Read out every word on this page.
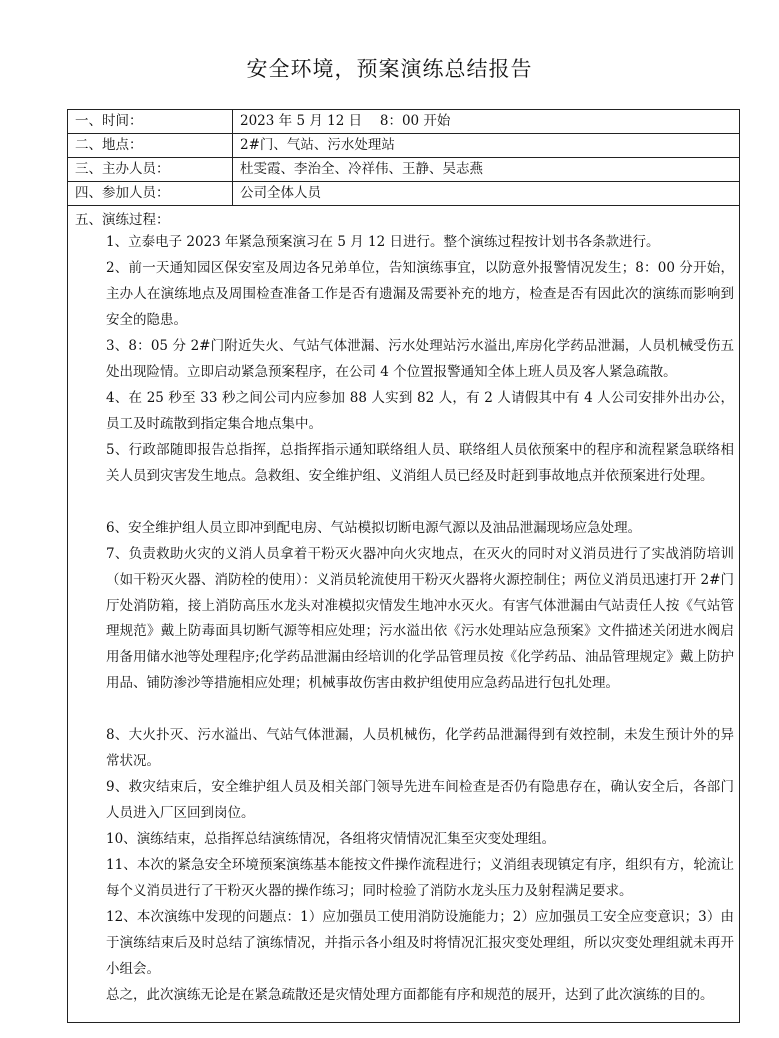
安全环境，预案演练总结报告
一、时间：	2023 年 5 月 12 日　 8：00 开始
二、地点：	2#门、气站、污水处理站
三、主办人员：	杜雯霞、李治全、冷祥伟、王静、吴志燕
四、参加人员：	公司全体人员
五、演练过程：

1、立泰电子 2023 年紧急预案演习在 5 月 12 日进行。整个演练过程按计划书各条款进行。

2、前一天通知园区保安室及周边各兄弟单位，告知演练事宜，以防意外报警情况发生；8：00 分开始，主办人在演练地点及周围检查准备工作是否有遗漏及需要补充的地方，检查是否有因此次的演练而影响到安全的隐患。

3、8：05 分 2#门附近失火、气站气体泄漏、污水处理站污水溢出,库房化学药品泄漏，人员机械受伤五处出现险情。立即启动紧急预案程序，在公司 4 个位置报警通知全体上班人员及客人紧急疏散。

4、在 25 秒至 33 秒之间公司内应参加 88 人实到 82 人，有 2 人请假其中有 4 人公司安排外出办公，员工及时疏散到指定集合地点集中。

5、行政部随即报告总指挥，总指挥指示通知联络组人员、联络组人员依预案中的程序和流程紧急联络相关人员到灾害发生地点。急救组、安全维护组、义消组人员已经及时赶到事故地点并依预案进行处理。

6、安全维护组人员立即冲到配电房、气站模拟切断电源气源以及油品泄漏现场应急处理。

7、负责救助火灾的义消人员拿着干粉灭火器冲向火灾地点，在灭火的同时对义消员进行了实战消防培训（如干粉灭火器、消防栓的使用）：义消员轮流使用干粉灭火器将火源控制住；两位义消员迅速打开 2#门厅处消防箱，接上消防高压水龙头对准模拟灾情发生地冲水灭火。有害气体泄漏由气站责任人按《气站管理规范》戴上防毒面具切断气源等相应处理；污水溢出依《污水处理站应急预案》文件描述关闭进水阀启用备用储水池等处理程序;化学药品泄漏由经培训的化学品管理员按《化学药品、油品管理规定》戴上防护用品、铺防渗沙等措施相应处理；机械事故伤害由救护组使用应急药品进行包扎处理。

8、大火扑灭、污水溢出、气站气体泄漏，人员机械伤，化学药品泄漏得到有效控制，未发生预计外的异常状况。

9、救灾结束后，安全维护组人员及相关部门领导先进车间检查是否仍有隐患存在，确认安全后，各部门人员进入厂区回到岗位。

10、演练结束，总指挥总结演练情况，各组将灾情情况汇集至灾变处理组。

11、本次的紧急安全环境预案演练基本能按文件操作流程进行；义消组表现镇定有序，组织有方，轮流让每个义消员进行了干粉灭火器的操作练习；同时检验了消防水龙头压力及射程满足要求。

12、本次演练中发现的问题点：1）应加强员工使用消防设施能力；2）应加强员工安全应变意识；3）由于演练结束后及时总结了演练情况，并指示各小组及时将情况汇报灾变处理组，所以灾变处理组就未再开小组会。

总之，此次演练无论是在紧急疏散还是灾情处理方面都能有序和规范的展开，达到了此次演练的目的。
